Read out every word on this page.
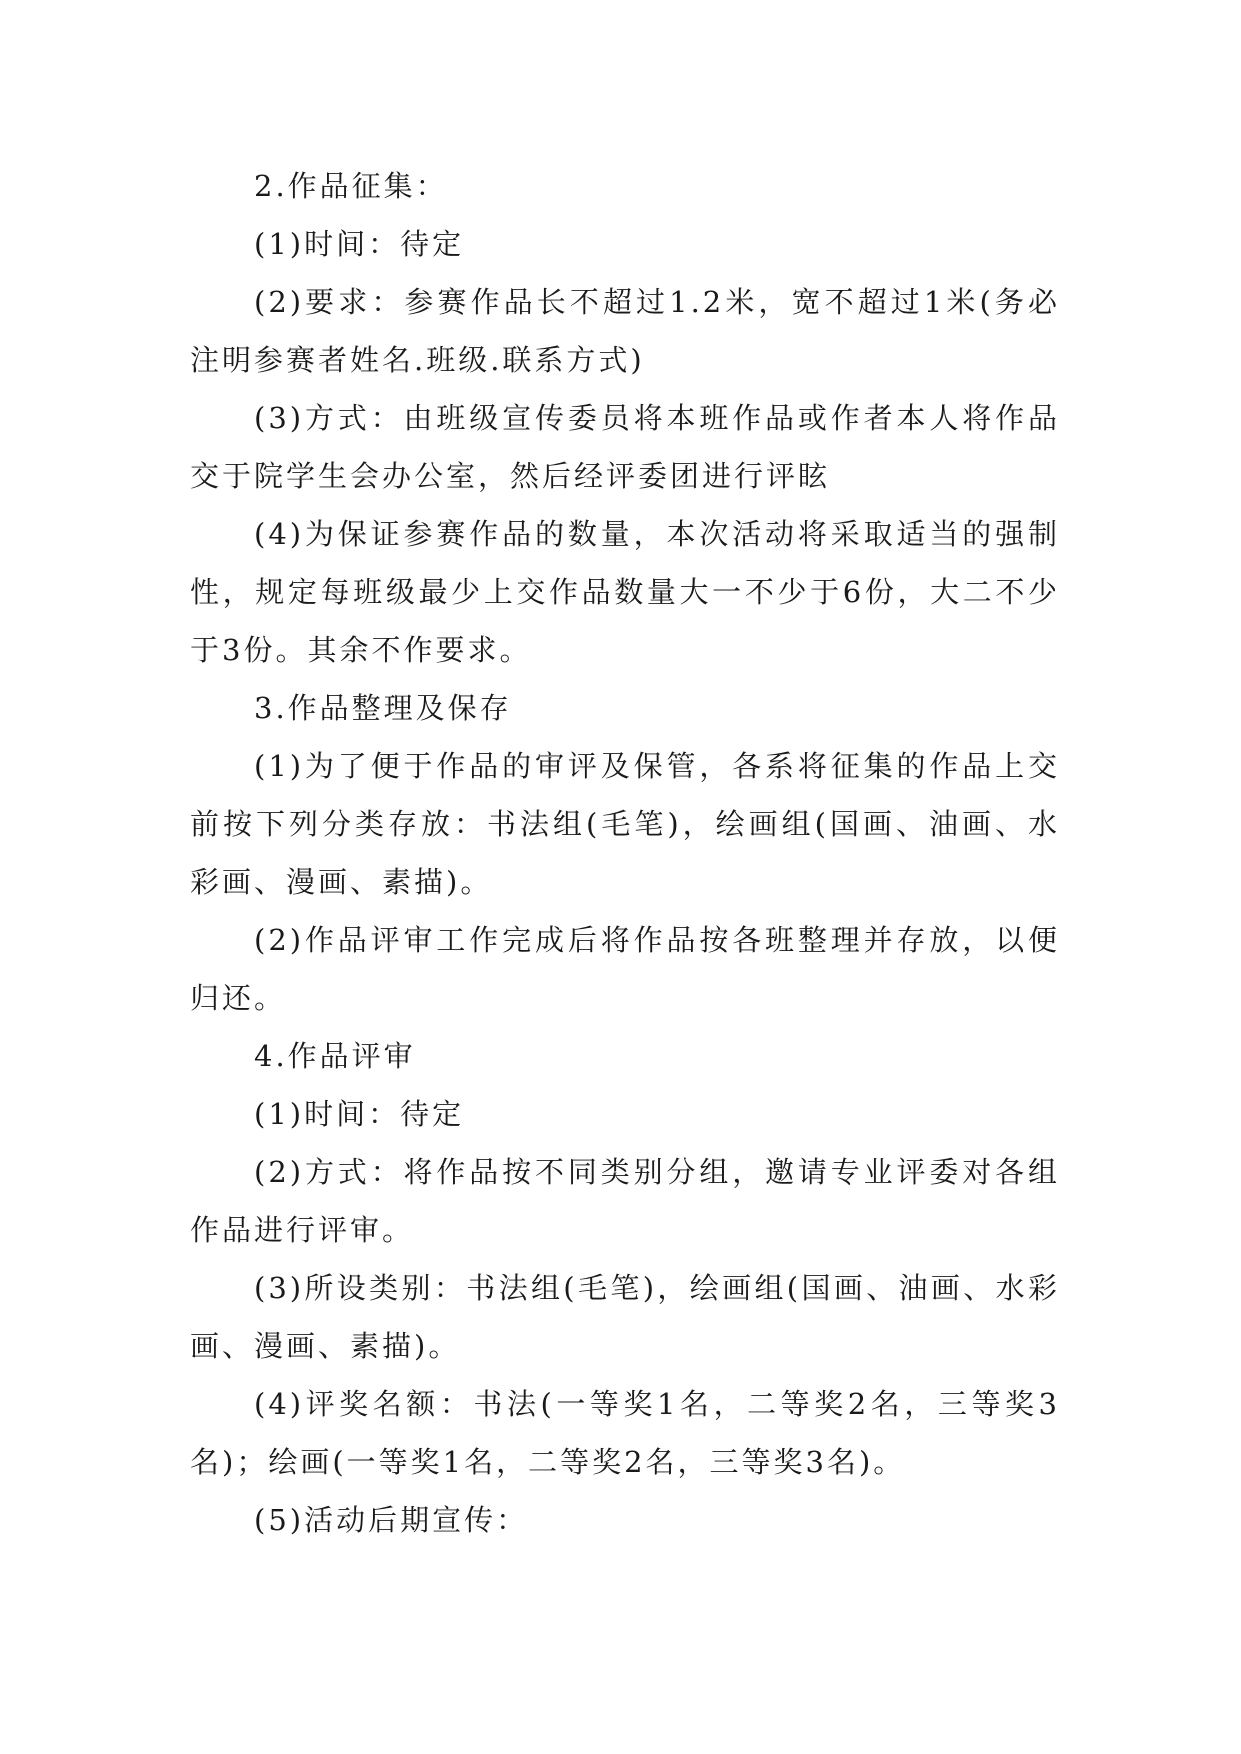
2.作品征集：

(1)时间：待定

(2)要求：参赛作品长不超过1.2米，宽不超过1米(务必注明参赛者姓名.班级.联系方式)

(3)方式：由班级宣传委员将本班作品或作者本人将作品交于院学生会办公室，然后经评委团进行评眩

(4)为保证参赛作品的数量，本次活动将采取适当的强制性，规定每班级最少上交作品数量大一不少于6份，大二不少于3份。其余不作要求。

3.作品整理及保存

(1)为了便于作品的审评及保管，各系将征集的作品上交前按下列分类存放：书法组(毛笔)，绘画组(国画、油画、水彩画、漫画、素描)。

(2)作品评审工作完成后将作品按各班整理并存放，以便归还。

4.作品评审

(1)时间：待定

(2)方式：将作品按不同类别分组，邀请专业评委对各组作品进行评审。

(3)所设类别：书法组(毛笔)，绘画组(国画、油画、水彩画、漫画、素描)。

(4)评奖名额：书法(一等奖1名，二等奖2名，三等奖3名)；绘画(一等奖1名，二等奖2名，三等奖3名)。

(5)活动后期宣传：
